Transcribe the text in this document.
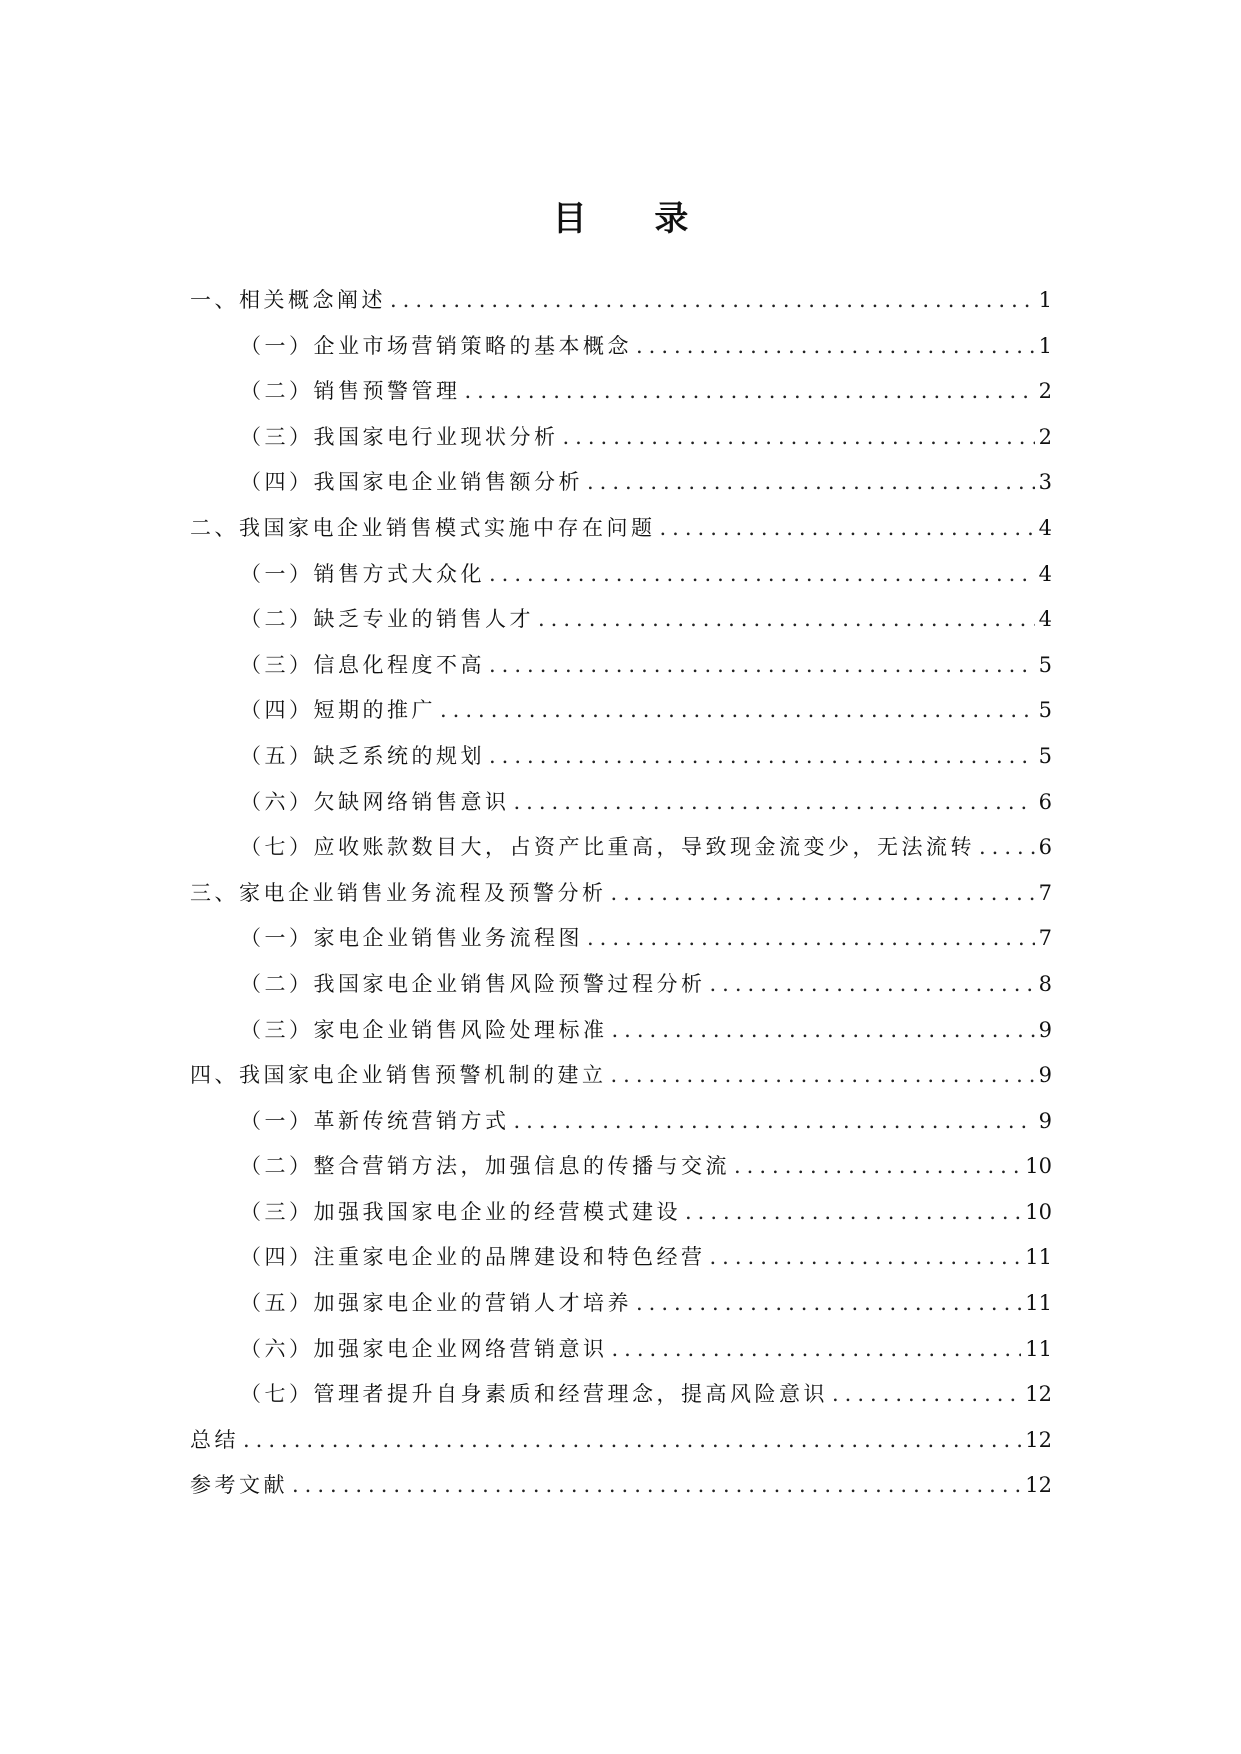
目 录
一、相关概念阐述 .....	1
（一）企业市场营销策略的基本概念 .....	1
（二）销售预警管理 .....	2
（三）我国家电行业现状分析 .....	2
（四）我国家电企业销售额分析 .....	3
二、我国家电企业销售模式实施中存在问题 .....	4
（一）销售方式大众化 .....	4
（二）缺乏专业的销售人才 .....	4
（三）信息化程度不高 .....	5
（四）短期的推广 .....	5
（五）缺乏系统的规划 .....	5
（六）欠缺网络销售意识 .....	6
（七）应收账款数目大，占资产比重高，导致现金流变少，无法流转 .....	6
三、家电企业销售业务流程及预警分析 .....	7
（一）家电企业销售业务流程图 .....	7
（二）我国家电企业销售风险预警过程分析 .....	8
（三）家电企业销售风险处理标准 .....	9
四、我国家电企业销售预警机制的建立 .....	9
（一）革新传统营销方式 .....	9
（二）整合营销方法，加强信息的传播与交流 .....	10
（三）加强我国家电企业的经营模式建设 .....	10
（四）注重家电企业的品牌建设和特色经营 .....	11
（五）加强家电企业的营销人才培养 .....	11
（六）加强家电企业网络营销意识 .....	11
（七）管理者提升自身素质和经营理念，提高风险意识 .....	12
总结 .....	12
参考文献 .....	12
